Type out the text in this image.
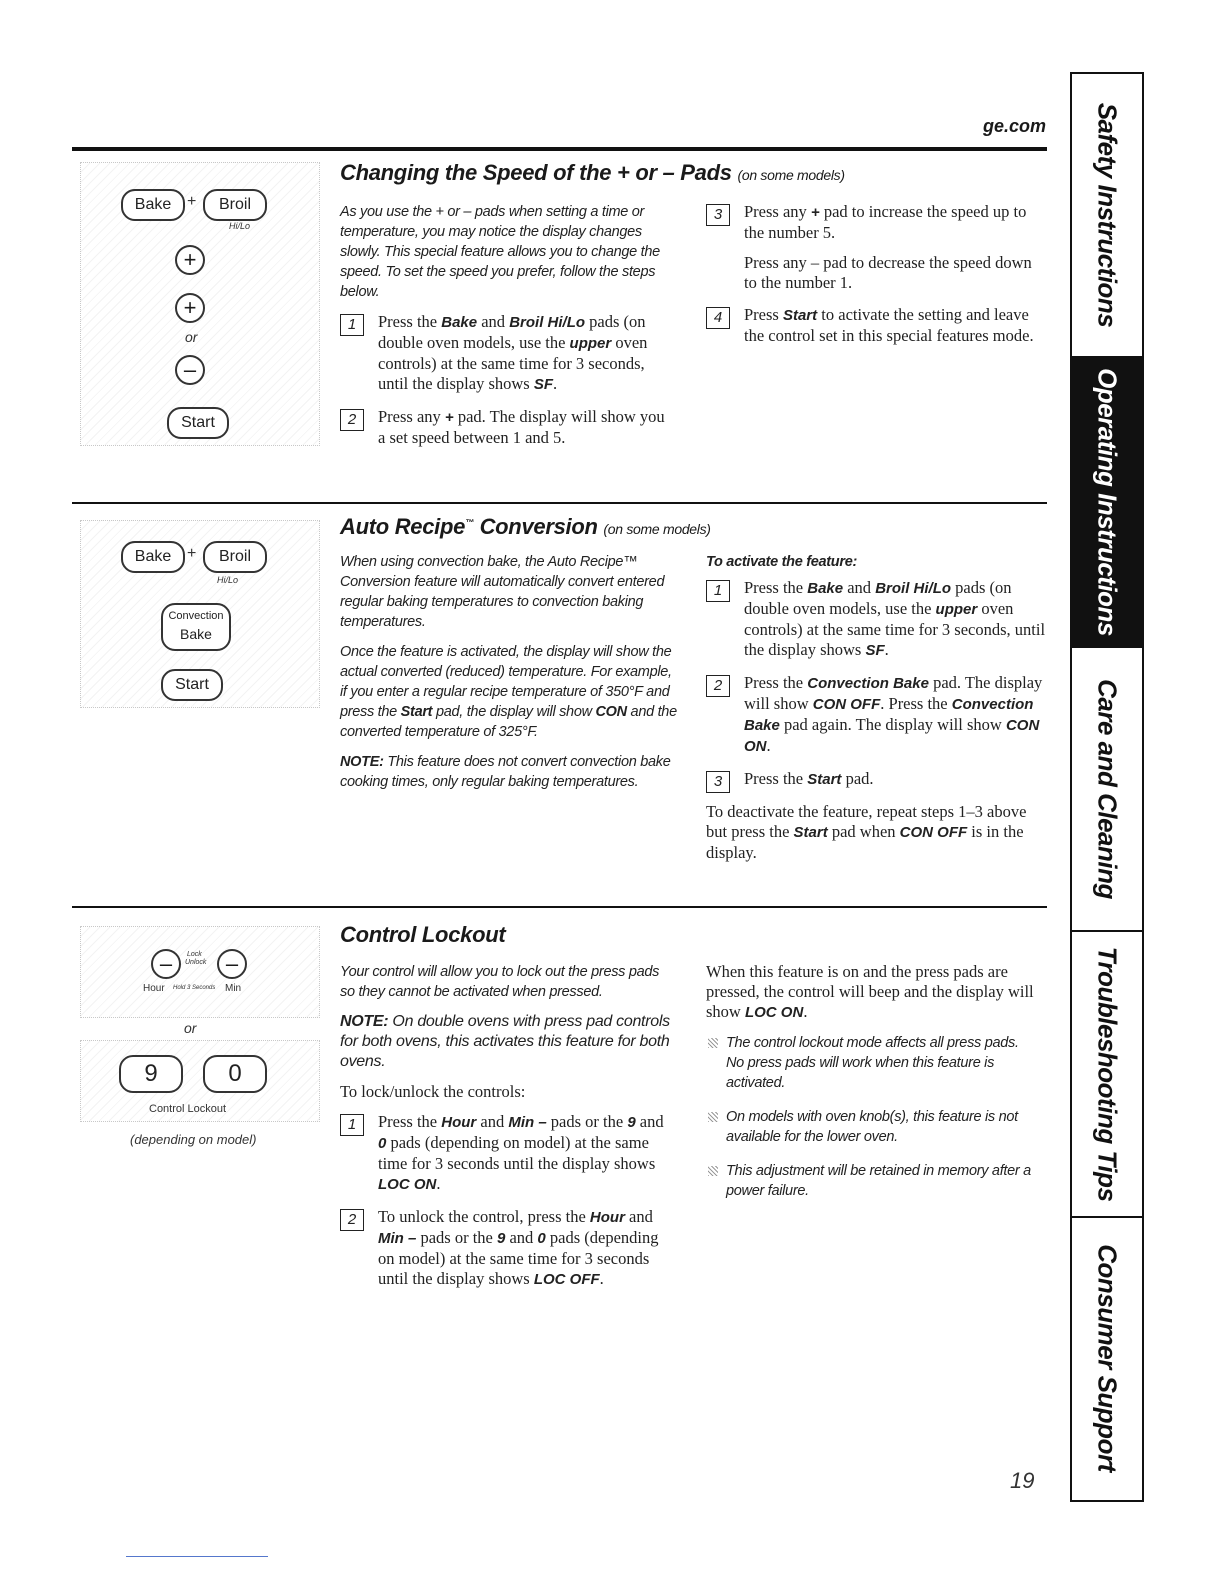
ge.com
Bake +	Broil
Hi/Lo
+
+
or
–
Start
Changing the Speed of the + or – Pads (on some models)

As you use the + or – pads when setting a time or temperature, you may notice the display changes slowly. This special feature allows you to change the speed. To set the speed you prefer, follow the steps below.

1	Press the Bake and Broil Hi/Lo pads (on double oven models, use the upper oven controls) at the same time for 3 seconds, until the display shows SF.
2	Press any + pad. The display will show you a set speed between 1 and 5.
3	Press any + pad to increase the speed up to the number 5.
Press any – pad to decrease the speed down to the number 1.
4	Press Start to activate the setting and leave the control set in this special features mode.
Bake +	Broil
Hi/Lo
Convection
Bake
Start
Auto Recipe™ Conversion (on some models)

When using convection bake, the Auto Recipe™ Conversion feature will automatically convert entered regular baking temperatures to convection baking temperatures.

Once the feature is activated, the display will show the actual converted (reduced) temperature. For example, if you enter a regular recipe temperature of 350°F and press the Start pad, the display will show CON and the converted temperature of 325°F.

NOTE: This feature does not convert convection bake cooking times, only regular baking temperatures.

To activate the feature:
1	Press the Bake and Broil Hi/Lo pads (on double oven models, use the upper oven controls) at the same time for 3 seconds, until the display shows SF.
2	Press the Convection Bake pad. The display will show CON OFF. Press the Convection Bake pad again. The display will show CON ON.
3	Press the Start pad.
To deactivate the feature, repeat steps 1–3 above but press the Start pad when CON OFF is in the display.
–	Lock
Unlock –
Hour Hold 3 Seconds Min
or
9	0
Control Lockout
(depending on model)
Control Lockout

Your control will allow you to lock out the press pads so they cannot be activated when pressed.

NOTE: On double ovens with press pad controls for both ovens, this activates this feature for both ovens.

To lock/unlock the controls:

1	Press the Hour and Min – pads or the 9 and 0 pads (depending on model) at the same time for 3 seconds until the display shows LOC ON.
2	To unlock the control, press the Hour and Min – pads or the 9 and 0 pads (depending on model) at the same time for 3 seconds until the display shows LOC OFF.

When this feature is on and the press pads are pressed, the control will beep and the display will show LOC ON.

The control lockout mode affects all press pads. No press pads will work when this feature is activated.
On models with oven knob(s), this feature is not available for the lower oven.
This adjustment will be retained in memory after a power failure.
Safety Instructions
Operating Instructions
Care and Cleaning
Troubleshooting Tips
Consumer Support
19
